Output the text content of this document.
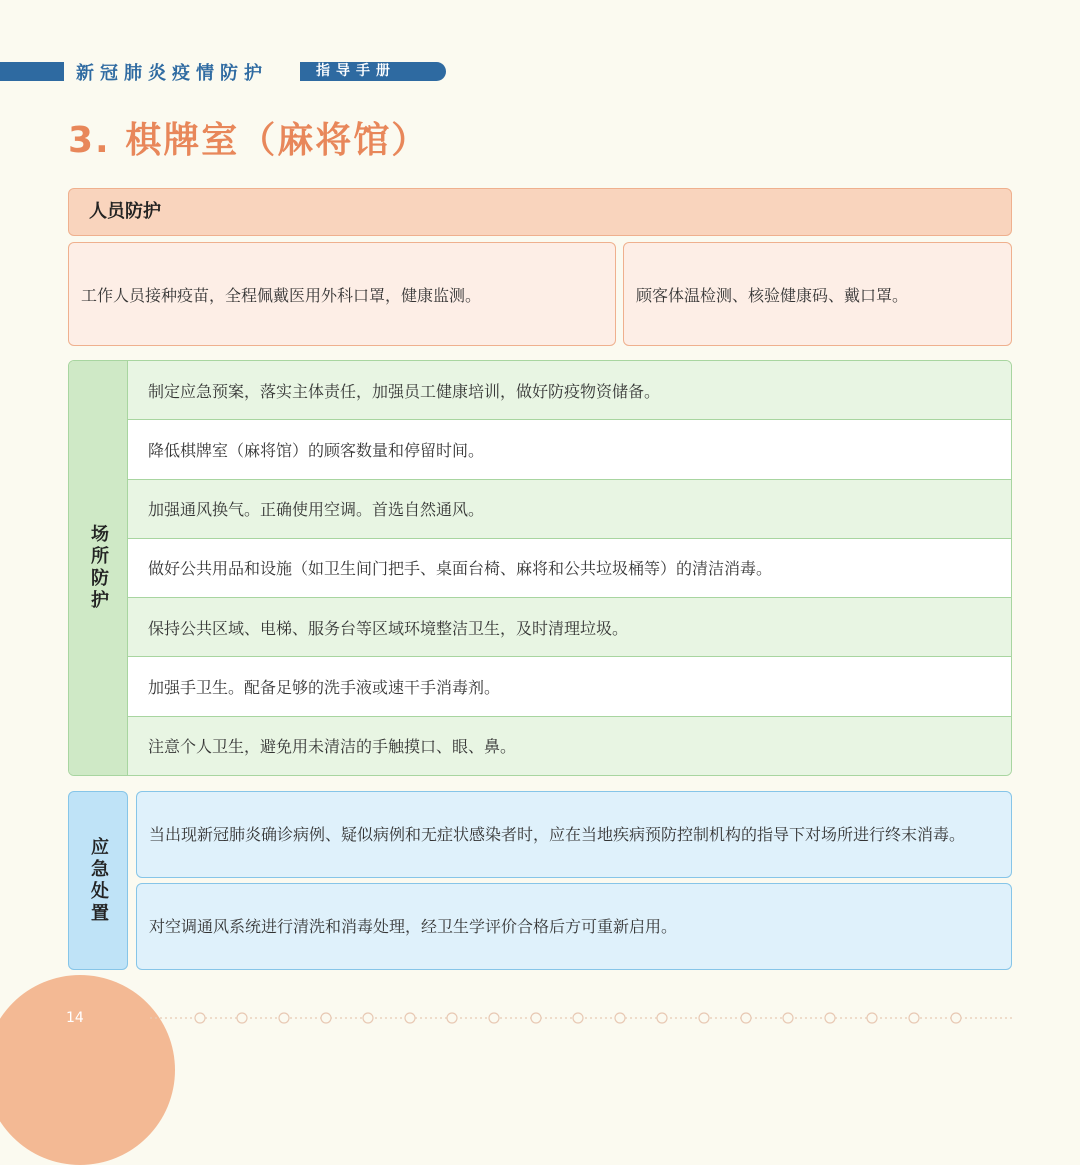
新冠肺炎疫情防护	指导手册
3. 棋牌室（麻将馆）
人员防护
工作人员接种疫苗，全程佩戴医用外科口罩，健康监测。	顾客体温检测、核验健康码、戴口罩。
场所防护
制定应急预案，落实主体责任，加强员工健康培训，做好防疫物资储备。
降低棋牌室（麻将馆）的顾客数量和停留时间。
加强通风换气。正确使用空调。首选自然通风。
做好公共用品和设施（如卫生间门把手、桌面台椅、麻将和公共垃圾桶等）的清洁消毒。
保持公共区域、电梯、服务台等区域环境整洁卫生，及时清理垃圾。
加强手卫生。配备足够的洗手液或速干手消毒剂。
注意个人卫生，避免用未清洁的手触摸口、眼、鼻。
应急处置
当出现新冠肺炎确诊病例、疑似病例和无症状感染者时，应在当地疾病预防控制机构的指导下对场所进行终末消毒。
对空调通风系统进行清洗和消毒处理，经卫生学评价合格后方可重新启用。
14
